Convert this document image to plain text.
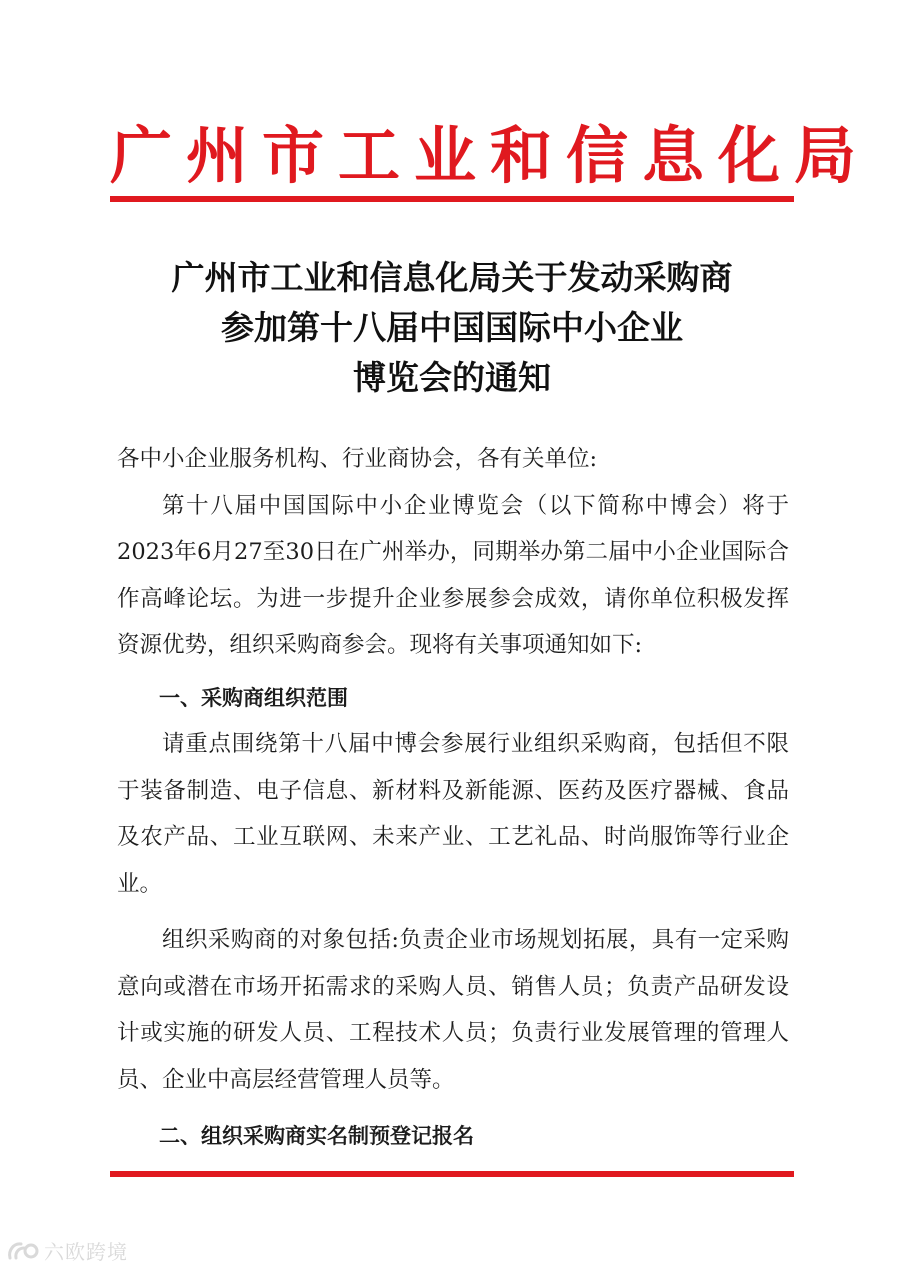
广州市工业和信息化局
广州市工业和信息化局关于发动采购商
参加第十八届中国国际中小企业
博览会的通知

各中小企业服务机构、行业商协会，各有关单位:

第十八届中国国际中小企业博览会（以下简称中博会）将于2023年6月27至30日在广州举办，同期举办第二届中小企业国际合作高峰论坛。为进一步提升企业参展参会成效，请你单位积极发挥资源优势，组织采购商参会。现将有关事项通知如下:

一、采购商组织范围

请重点围绕第十八届中博会参展行业组织采购商，包括但不限于装备制造、电子信息、新材料及新能源、医药及医疗器械、食品及农产品、工业互联网、未来产业、工艺礼品、时尚服饰等行业企业。

组织采购商的对象包括:负责企业市场规划拓展，具有一定采购意向或潜在市场开拓需求的采购人员、销售人员；负责产品研发设计或实施的研发人员、工程技术人员；负责行业发展管理的管理人员、企业中高层经营管理人员等。

二、组织采购商实名制预登记报名

六欧跨境
